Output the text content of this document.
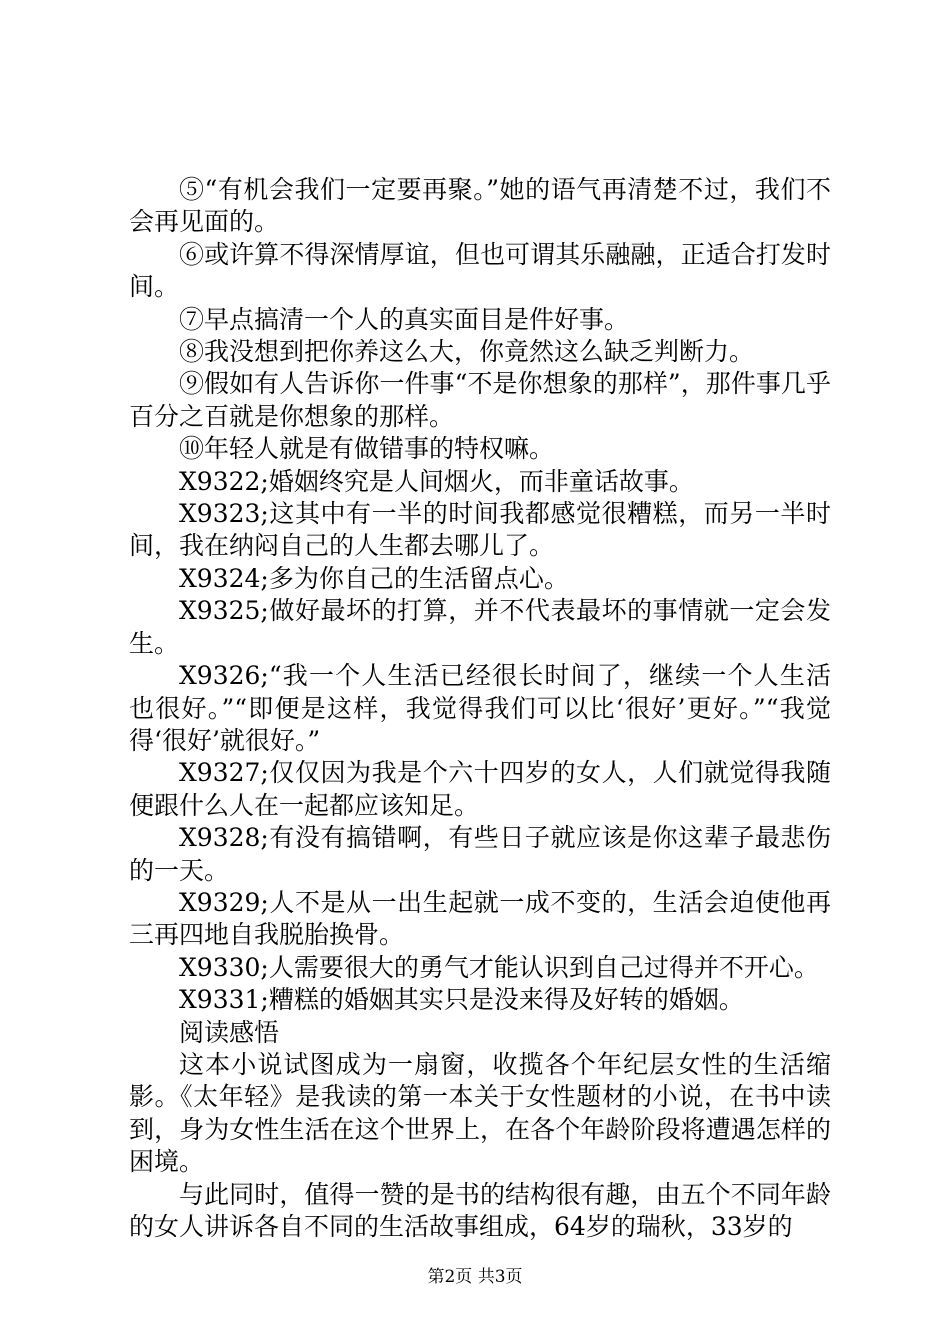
⑤“有机会我们一定要再聚。”她的语气再清楚不过，我们不会再见面的。

⑥或许算不得深情厚谊，但也可谓其乐融融，正适合打发时间。

⑦早点搞清一个人的真实面目是件好事。

⑧我没想到把你养这么大，你竟然这么缺乏判断力。

⑨假如有人告诉你一件事“不是你想象的那样”，那件事几乎百分之百就是你想象的那样。

⑩年轻人就是有做错事的特权嘛。

X9322;婚姻终究是人间烟火，而非童话故事。

X9323;这其中有一半的时间我都感觉很糟糕，而另一半时间，我在纳闷自己的人生都去哪儿了。

X9324;多为你自己的生活留点心。

X9325;做好最坏的打算，并不代表最坏的事情就一定会发生。

X9326;“我一个人生活已经很长时间了，继续一个人生活也很好。”“即便是这样，我觉得我们可以比‘很好’更好。”“我觉得‘很好’就很好。”

X9327;仅仅因为我是个六十四岁的女人，人们就觉得我随便跟什么人在一起都应该知足。

X9328;有没有搞错啊，有些日子就应该是你这辈子最悲伤的一天。

X9329;人不是从一出生起就一成不变的，生活会迫使他再三再四地自我脱胎换骨。

X9330;人需要很大的勇气才能认识到自己过得并不开心。

X9331;糟糕的婚姻其实只是没来得及好转的婚姻。

阅读感悟

这本小说试图成为一扇窗，收揽各个年纪层女性的生活缩影。《太年轻》是我读的第一本关于女性题材的小说，在书中读到，身为女性生活在这个世界上，在各个年龄阶段将遭遇怎样的困境。

与此同时，值得一赞的是书的结构很有趣，由五个不同年龄的女人讲诉各自不同的生活故事组成，64岁的瑞秋，33岁的

第2页 共3页
